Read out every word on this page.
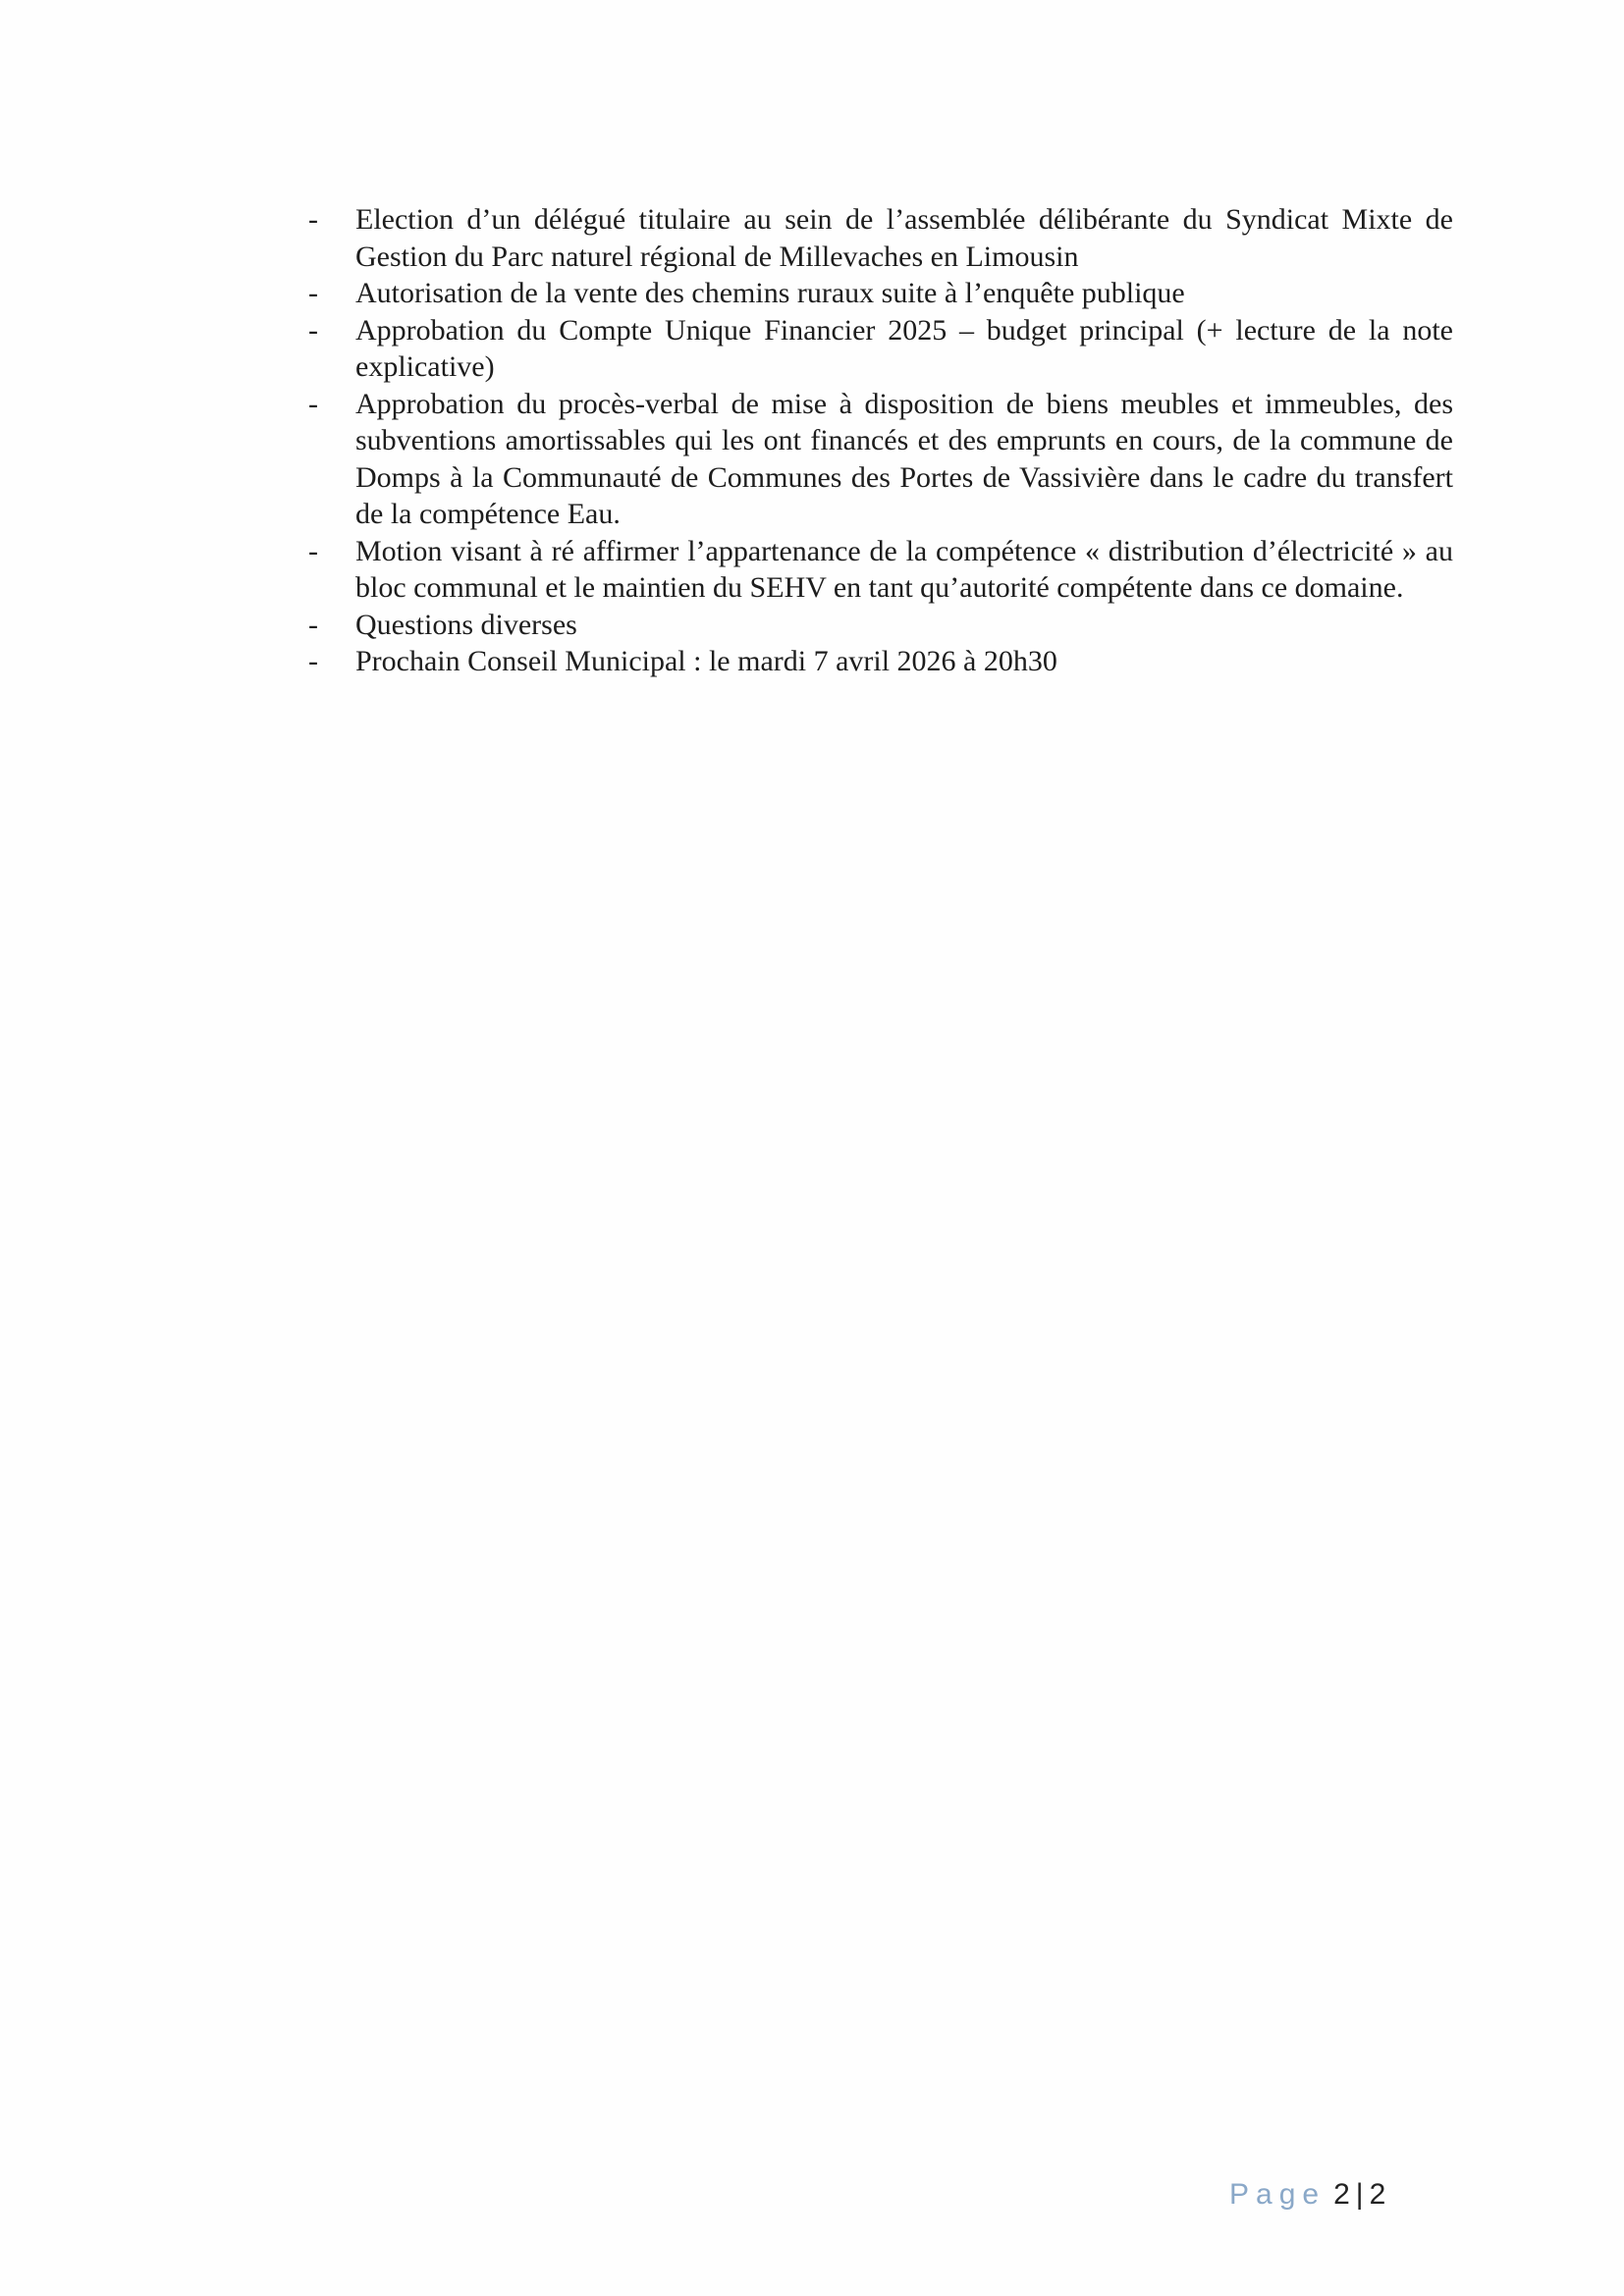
- Election d’un délégué titulaire au sein de l’assemblée délibérante du Syndicat Mixte de Gestion du Parc naturel régional de Millevaches en Limousin
- Autorisation de la vente des chemins ruraux suite à l’enquête publique
- Approbation du Compte Unique Financier 2025 – budget principal (+ lecture de la note explicative)
- Approbation du procès-verbal de mise à disposition de biens meubles et immeubles, des subventions amortissables qui les ont financés et des emprunts en cours, de la commune de Domps à la Communauté de Communes des Portes de Vassivière dans le cadre du transfert de la compétence Eau.
- Motion visant à ré affirmer l’appartenance de la compétence « distribution d’électricité » au bloc communal et le maintien du SEHV en tant qu’autorité compétente dans ce domaine.
- Questions diverses
- Prochain Conseil Municipal : le mardi 7 avril 2026 à 20h30
Page 2 | 2
